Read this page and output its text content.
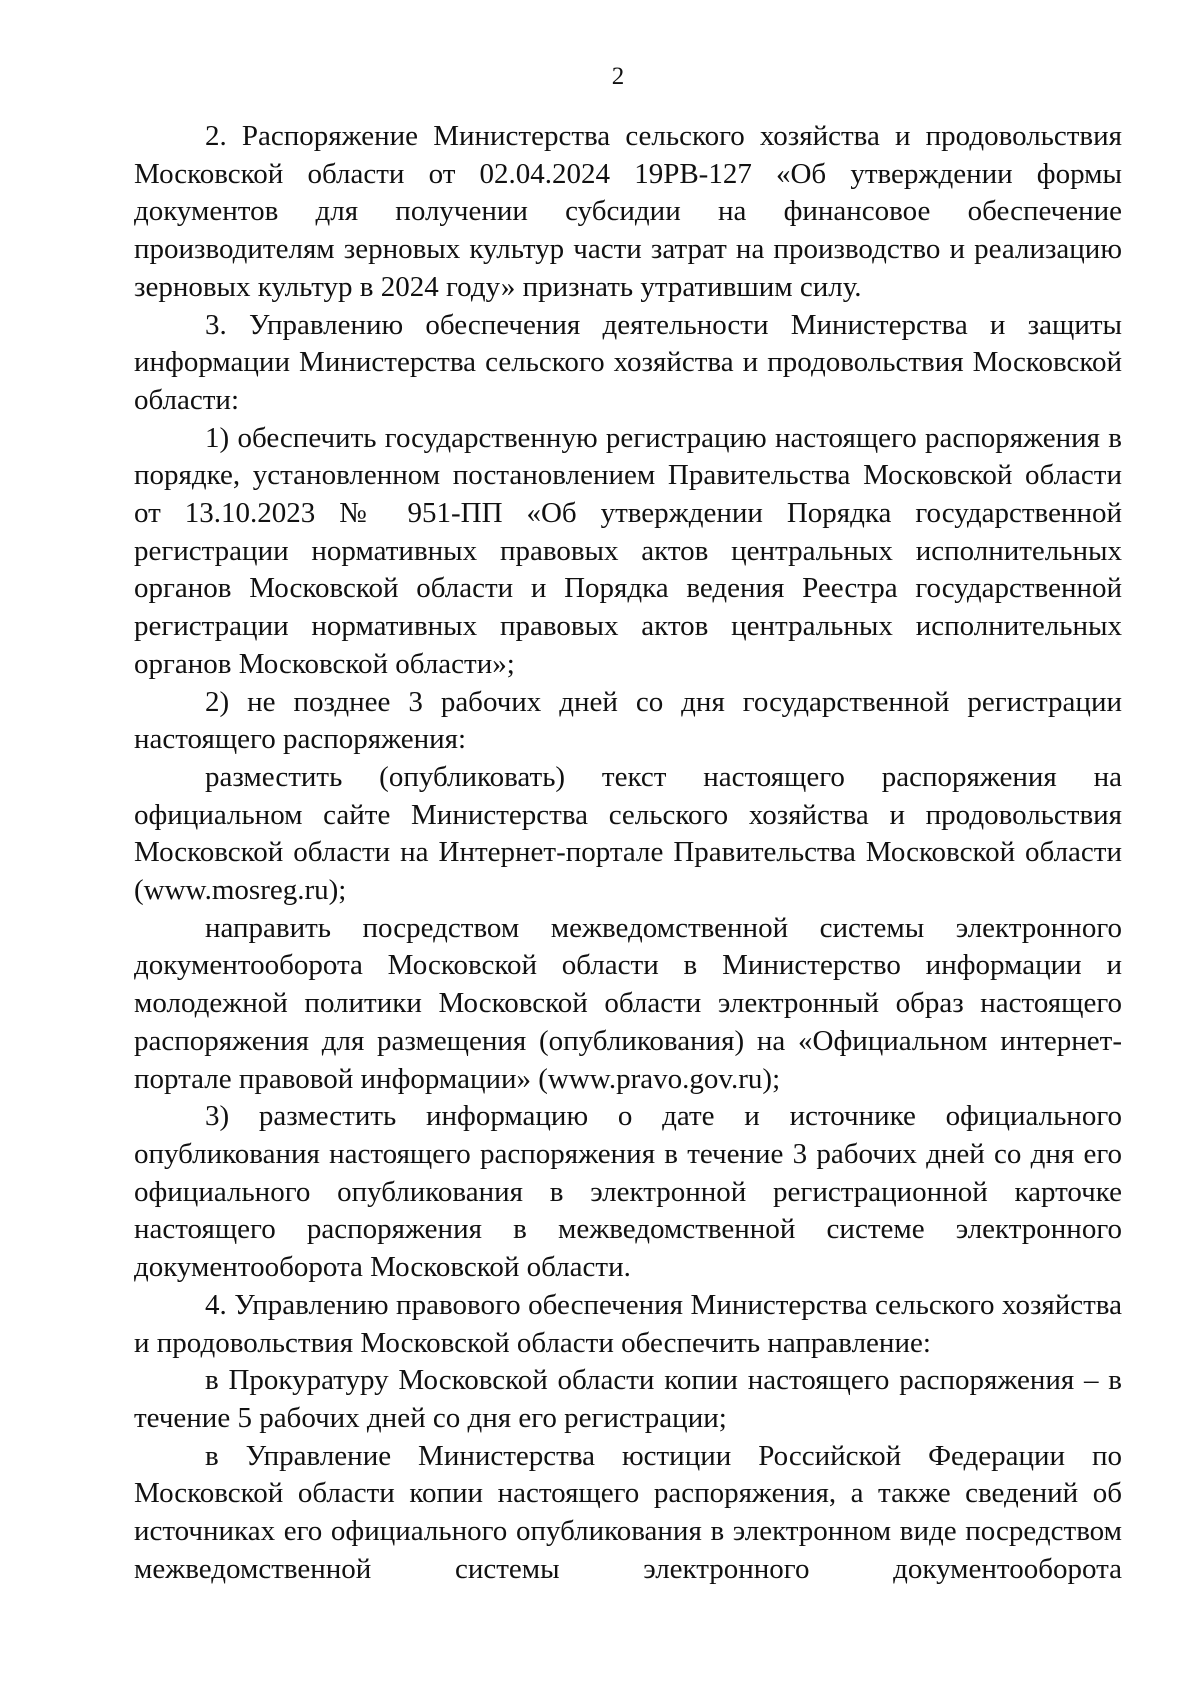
2

2. Распоряжение Министерства сельского хозяйства и продовольствия Московской области от 02.04.2024 19РВ-127 «Об утверждении формы документов для получении субсидии на финансовое обеспечение производителям зерновых культур части затрат на производство и реализацию зерновых культур в 2024 году» признать утратившим силу.

3. Управлению обеспечения деятельности Министерства и защиты информации Министерства сельского хозяйства и продовольствия Московской области:

1) обеспечить государственную регистрацию настоящего распоряжения в порядке, установленном постановлением Правительства Московской области от 13.10.2023 № 951-ПП «Об утверждении Порядка государственной регистрации нормативных правовых актов центральных исполнительных органов Московской области и Порядка ведения Реестра государственной регистрации нормативных правовых актов центральных исполнительных органов Московской области»;

2) не позднее 3 рабочих дней со дня государственной регистрации настоящего распоряжения:

разместить (опубликовать) текст настоящего распоряжения на официальном сайте Министерства сельского хозяйства и продовольствия Московской области на Интернет-портале Правительства Московской области (www.mosreg.ru);

направить посредством межведомственной системы электронного документооборота Московской области в Министерство информации и молодежной политики Московской области электронный образ настоящего распоряжения для размещения (опубликования) на «Официальном интернет-портале правовой информации» (www.pravo.gov.ru);

3) разместить информацию о дате и источнике официального опубликования настоящего распоряжения в течение 3 рабочих дней со дня его официального опубликования в электронной регистрационной карточке настоящего распоряжения в межведомственной системе электронного документооборота Московской области.

4. Управлению правового обеспечения Министерства сельского хозяйства и продовольствия Московской области обеспечить направление:

в Прокуратуру Московской области копии настоящего распоряжения – в течение 5 рабочих дней со дня его регистрации;

в Управление Министерства юстиции Российской Федерации по Московской области копии настоящего распоряжения, а также сведений об источниках его официального опубликования в электронном виде посредством межведомственной системы электронного документооборота
